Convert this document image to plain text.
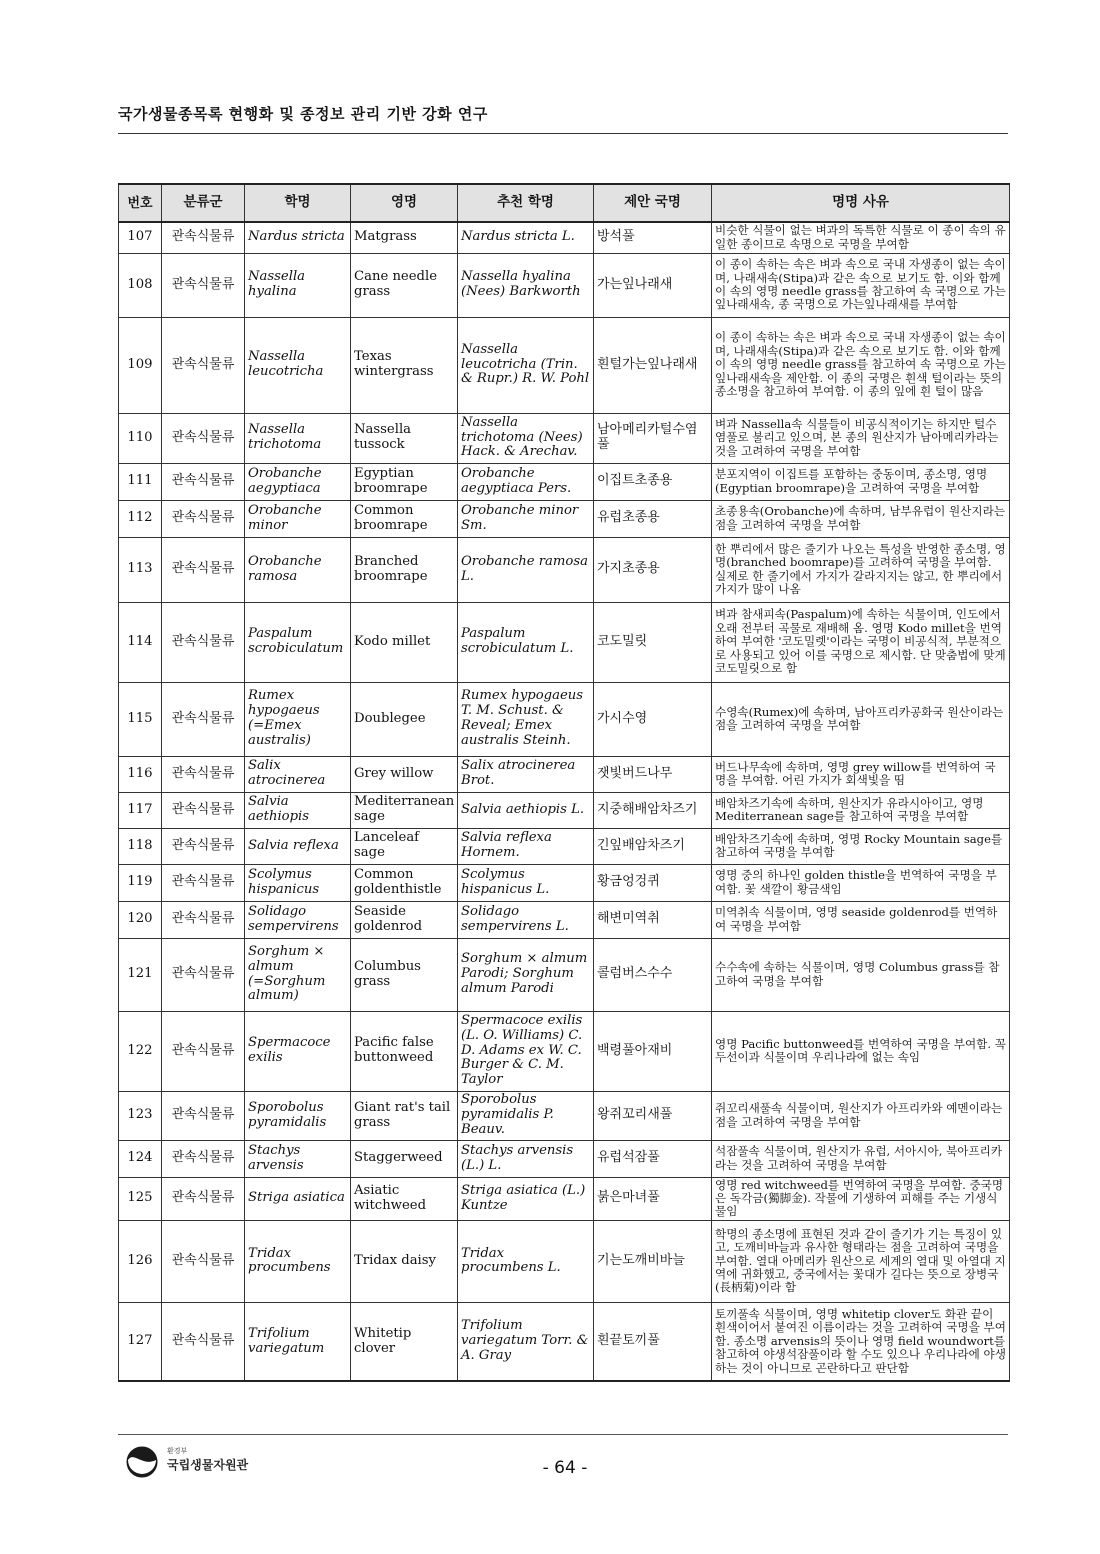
국가생물종목록 현행화 및 종정보 관리 기반 강화 연구
번호	분류군	학명	영명	추천 학명	제안 국명	명명 사유
107	관속식물류	Nardus stricta	Matgrass	Nardus stricta L.	방석풀	비슷한 식물이 없는 벼과의 독특한 식물로 이 종이 속의 유일한 종이므로 속명으로 국명을 부여함
108	관속식물류	Nassella hyalina	Cane needle grass	Nassella hyalina (Nees) Barkworth	가는잎나래새	이 종이 속하는 속은 벼과 속으로 국내 자생종이 없는 속이며, 나래새속(Stipa)과 같은 속으로 보기도 함. 이와 함께 이 속의 영명 needle grass를 참고하여 속 국명으로 가는잎나래새속, 종 국명으로 가는잎나래새를 부여함
109	관속식물류	Nassella leucotricha	Texas wintergrass	Nassella leucotricha (Trin. & Rupr.) R. W. Pohl	흰털가는잎나래새	이 종이 속하는 속은 벼과 속으로 국내 자생종이 없는 속이며, 나래새속(Stipa)과 같은 속으로 보기도 함. 이와 함께 이 속의 영명 needle grass를 참고하여 속 국명으로 가는잎나래새속을 제안함. 이 종의 국명은 흰색 털이라는 뜻의 종소명을 참고하여 부여함. 이 종의 잎에 흰 털이 많음
110	관속식물류	Nassella trichotoma	Nassella tussock	Nassella trichotoma (Nees) Hack. & Arechav.	남아메리카털수염풀	벼과 Nassella속 식물들이 비공식적이기는 하지만 털수염풀로 불리고 있으며, 본 종의 원산지가 남아메리카라는 것을 고려하여 국명을 부여함
111	관속식물류	Orobanche aegyptiaca	Egyptian broomrape	Orobanche aegyptiaca Pers.	이집트초종용	분포지역이 이집트를 포함하는 중동이며, 종소명, 영명(Egyptian broomrape)을 고려하여 국명을 부여함
112	관속식물류	Orobanche minor	Common broomrape	Orobanche minor Sm.	유럽초종용	초종용속(Orobanche)에 속하며, 남부유럽이 원산지라는 점을 고려하여 국명을 부여함
113	관속식물류	Orobanche ramosa	Branched broomrape	Orobanche ramosa L.	가지초종용	한 뿌리에서 많은 줄기가 나오는 특성을 반영한 종소명, 영명(branched boomrape)를 고려하여 국명을 부여함. 실제로 한 줄기에서 가지가 갈라지지는 않고, 한 뿌리에서 가지가 많이 나옴
114	관속식물류	Paspalum scrobiculatum	Kodo millet	Paspalum scrobiculatum L.	코도밀릿	벼과 참새피속(Paspalum)에 속하는 식물이며, 인도에서 오래 전부터 곡물로 재배해 옴. 영명 Kodo millet을 번역하여 부여한 '코도밀렛'이라는 국명이 비공식적, 부분적으로 사용되고 있어 이를 국명으로 제시함. 단 맞춤법에 맞게 코도밀릿으로 함
115	관속식물류	Rumex hypogaeus (=Emex australis)	Doublegee	Rumex hypogaeus T. M. Schust. & Reveal; Emex australis Steinh.	가시수영	수영속(Rumex)에 속하며, 남아프리카공화국 원산이라는 점을 고려하여 국명을 부여함
116	관속식물류	Salix atrocinerea	Grey willow	Salix atrocinerea Brot.	잿빛버드나무	버드나무속에 속하며, 영명 grey willow를 번역하여 국명을 부여함. 어린 가지가 회색빛을 띰
117	관속식물류	Salvia aethiopis	Mediterranean sage	Salvia aethiopis L.	지중해배암차즈기	배암차즈기속에 속하며, 원산지가 유라시아이고, 영명 Mediterranean sage를 참고하여 국명을 부여함
118	관속식물류	Salvia reflexa	Lanceleaf sage	Salvia reflexa Hornem.	긴잎배암차즈기	배암차즈기속에 속하며, 영명 Rocky Mountain sage를 참고하여 국명을 부여함
119	관속식물류	Scolymus hispanicus	Common goldenthistle	Scolymus hispanicus L.	황금엉겅퀴	영명 중의 하나인 golden thistle을 번역하여 국명을 부여함. 꽃 색깔이 황금색임
120	관속식물류	Solidago sempervirens	Seaside goldenrod	Solidago sempervirens L.	해변미역취	미역취속 식물이며, 영명 seaside goldenrod를 번역하여 국명을 부여함
121	관속식물류	Sorghum × almum (=Sorghum almum)	Columbus grass	Sorghum × almum Parodi; Sorghum almum Parodi	콜럼버스수수	수수속에 속하는 식물이며, 영명 Columbus grass를 참고하여 국명을 부여함
122	관속식물류	Spermacoce exilis	Pacific false buttonweed	Spermacoce exilis (L. O. Williams) C. D. Adams ex W. C. Burger & C. M. Taylor	백령풀아재비	영명 Pacific buttonweed를 번역하여 국명을 부여함. 꼭두선이과 식물이며 우리나라에 없는 속임
123	관속식물류	Sporobolus pyramidalis	Giant rat's tail grass	Sporobolus pyramidalis P. Beauv.	왕쥐꼬리새풀	쥐꼬리새풀속 식물이며, 원산지가 아프리카와 예멘이라는 점을 고려하여 국명을 부여함
124	관속식물류	Stachys arvensis	Staggerweed	Stachys arvensis (L.) L.	유럽석잠풀	석잠풀속 식물이며, 원산지가 유럽, 서아시아, 북아프리카라는 것을 고려하여 국명을 부여함
125	관속식물류	Striga asiatica	Asiatic witchweed	Striga asiatica (L.) Kuntze	붉은마녀풀	영명 red witchweed를 번역하여 국명을 부여함. 중국명은 독각금(獨脚金). 작물에 기생하여 피해를 주는 기생식물임
126	관속식물류	Tridax procumbens	Tridax daisy	Tridax procumbens L.	기는도깨비바늘	학명의 종소명에 표현된 것과 같이 줄기가 기는 특징이 있고, 도깨비바늘과 유사한 형태라는 점을 고려하여 국명을 부여함. 열대 아메리카 원산으로 세계의 열대 및 아열대 지역에 귀화했고, 중국에서는 꽃대가 길다는 뜻으로 장병국(長柄菊)이라 함
127	관속식물류	Trifolium variegatum	Whitetip clover	Trifolium variegatum Torr. & A. Gray	흰끝토끼풀	토끼풀속 식물이며, 영명 whitetip clover도 화관 끝이 흰색이어서 붙여진 이름이라는 것을 고려하여 국명을 부여함. 종소명 arvensis의 뜻이나 영명 field woundwort를 참고하여 야생석잠풀이라 할 수도 있으나 우리나라에 야생하는 것이 아니므로 곤란하다고 판단함
환경부
국립생물자원관	- 64 -
